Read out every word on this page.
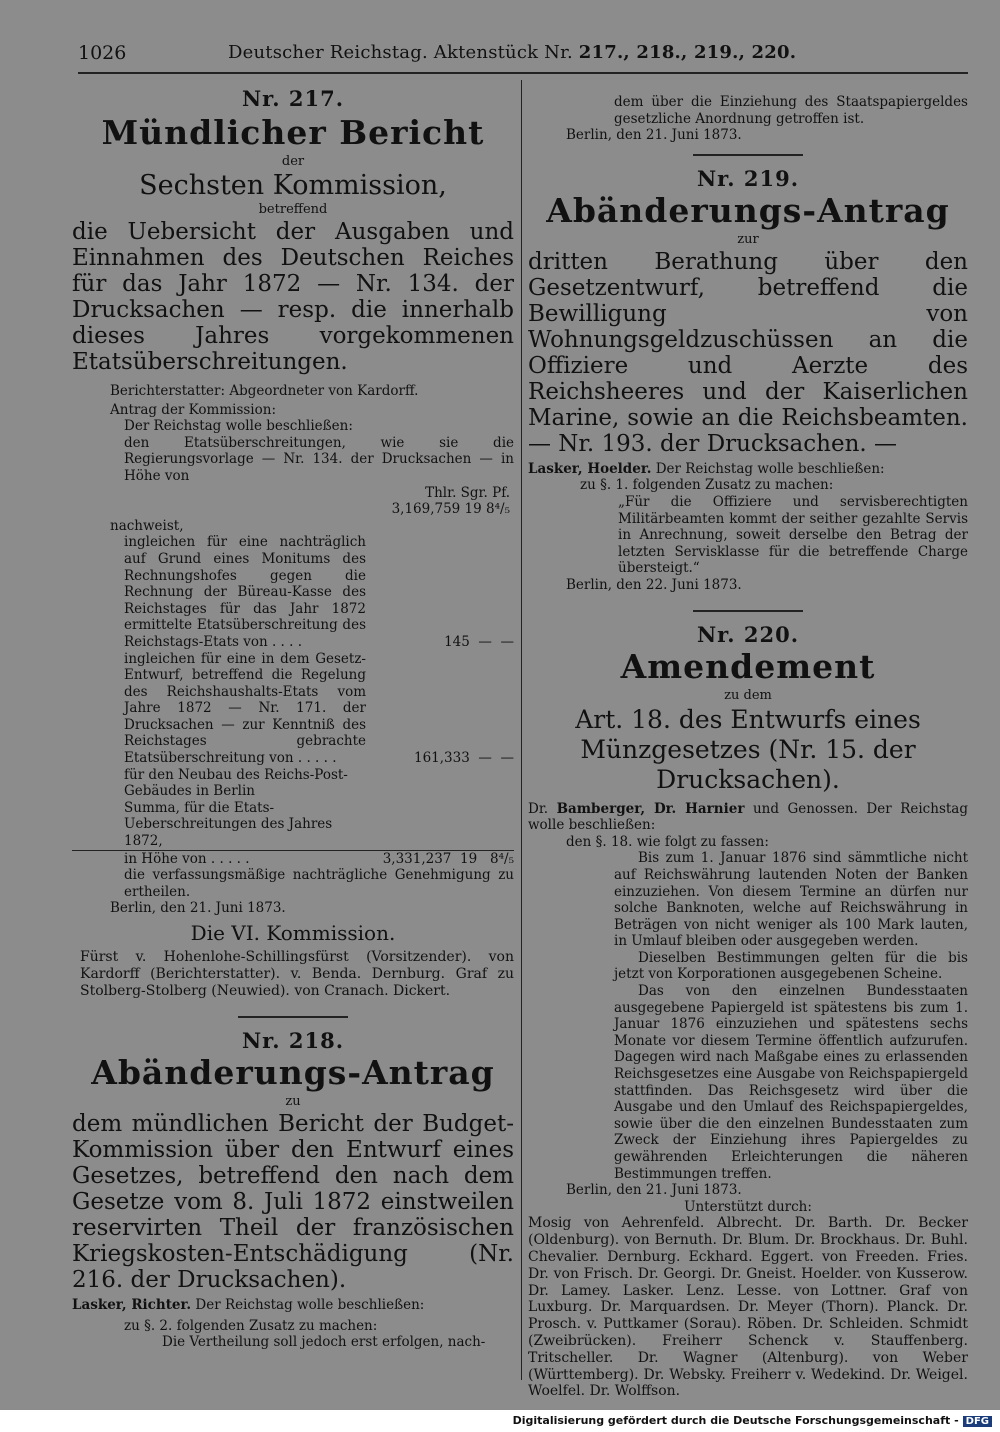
1026	Deutscher Reichstag. Aktenstück Nr. 217., 218., 219., 220.
Nr. 217.
Mündlicher Bericht
der
Sechsten Kommission,
betreffend
die Uebersicht der Ausgaben und Einnahmen des Deutschen Reiches für das Jahr 1872 — Nr. 134. der Drucksachen — resp. die innerhalb dieses Jahres vorgekommenen Etatsüberschreitungen.
Berichterstatter: Abgeordneter von Kardorff.
Antrag der Kommission:
Der Reichstag wolle beschließen:
den Etatsüberschreitungen, wie sie die Regierungsvorlage — Nr. 134. der Drucksachen — in Höhe von
Thlr. Sgr. Pf.
3,169,759 19 8⁴/₅
nachweist,
ingleichen für eine nachträglich auf Grund eines Monitums des Rechnungshofes gegen die Rechnung der Büreau-Kasse des Reichstages für das Jahr 1872 ermittelte Etatsüberschreitung des Reichstags-Etats von . . . .	145  —  —
ingleichen für eine in dem Gesetz-Entwurf, betreffend die Regelung des Reichshaushalts-Etats vom Jahre 1872 — Nr. 171. der Drucksachen — zur Kenntniß des Reichstages gebrachte Etatsüberschreitung von . . . . .	161,333  —  —
für den Neubau des Reichs-Post-Gebäudes in Berlin
Summa, für die Etats-Ueberschreitungen des Jahres 1872,
in Höhe von . . . . .	3,331,237  19   8⁴/₅
die verfassungsmäßige nachträgliche Genehmigung zu ertheilen.
Berlin, den 21. Juni 1873.
Die VI. Kommission.
Fürst v. Hohenlohe-Schillingsfürst (Vorsitzender). von Kardorff (Berichterstatter). v. Benda. Dernburg. Graf zu Stolberg-Stolberg (Neuwied). von Cranach. Dickert.
Nr. 218.
Abänderungs-Antrag
zu
dem mündlichen Bericht der Budget-Kommission über den Entwurf eines Gesetzes, betreffend den nach dem Gesetze vom 8. Juli 1872 einstweilen reservirten Theil der französischen Kriegskosten-Entschädigung (Nr. 216. der Drucksachen).
Lasker, Richter. Der Reichstag wolle beschließen:
zu §. 2. folgenden Zusatz zu machen:
Die Vertheilung soll jedoch erst erfolgen, nach-
dem über die Einziehung des Staatspapiergeldes gesetzliche Anordnung getroffen ist.
Berlin, den 21. Juni 1873.
Nr. 219.
Abänderungs-Antrag
zur
dritten Berathung über den Gesetzentwurf, betreffend die Bewilligung von Wohnungsgeldzuschüssen an die Offiziere und Aerzte des Reichsheeres und der Kaiserlichen Marine, sowie an die Reichsbeamten. — Nr. 193. der Drucksachen. —
Lasker, Hoelder. Der Reichstag wolle beschließen:
zu §. 1. folgenden Zusatz zu machen:
„Für die Offiziere und servisberechtigten Militärbeamten kommt der seither gezahlte Servis in Anrechnung, soweit derselbe den Betrag der letzten Servisklasse für die betreffende Charge übersteigt.“
Berlin, den 22. Juni 1873.
Nr. 220.
Amendement
zu dem
Art. 18. des Entwurfs eines Münzgesetzes (Nr. 15. der Drucksachen).
Dr. Bamberger, Dr. Harnier und Genossen. Der Reichstag wolle beschließen:
den §. 18. wie folgt zu fassen:
Bis zum 1. Januar 1876 sind sämmtliche nicht auf Reichswährung lautenden Noten der Banken einzuziehen. Von diesem Termine an dürfen nur solche Banknoten, welche auf Reichswährung in Beträgen von nicht weniger als 100 Mark lauten, in Umlauf bleiben oder ausgegeben werden.
Dieselben Bestimmungen gelten für die bis jetzt von Korporationen ausgegebenen Scheine.
Das von den einzelnen Bundesstaaten ausgegebene Papiergeld ist spätestens bis zum 1. Januar 1876 einzuziehen und spätestens sechs Monate vor diesem Termine öffentlich aufzurufen. Dagegen wird nach Maßgabe eines zu erlassenden Reichsgesetzes eine Ausgabe von Reichspapiergeld stattfinden. Das Reichsgesetz wird über die Ausgabe und den Umlauf des Reichspapiergeldes, sowie über die den einzelnen Bundesstaaten zum Zweck der Einziehung ihres Papiergeldes zu gewährenden Erleichterungen die näheren Bestimmungen treffen.
Berlin, den 21. Juni 1873.
Unterstützt durch:
Mosig von Aehrenfeld. Albrecht. Dr. Barth. Dr. Becker (Oldenburg). von Bernuth. Dr. Blum. Dr. Brockhaus. Dr. Buhl. Chevalier. Dernburg. Eckhard. Eggert. von Freeden. Fries. Dr. von Frisch. Dr. Georgi. Dr. Gneist. Hoelder. von Kusserow. Dr. Lamey. Lasker. Lenz. Lesse. von Lottner. Graf von Luxburg. Dr. Marquardsen. Dr. Meyer (Thorn). Planck. Dr. Prosch. v. Puttkamer (Sorau). Röben. Dr. Schleiden. Schmidt (Zweibrücken). Freiherr Schenck v. Stauffenberg. Tritscheller. Dr. Wagner (Altenburg). von Weber (Württemberg). Dr. Websky. Freiherr v. Wedekind. Dr. Weigel. Woelfel. Dr. Wolffson.
Digitalisierung gefördert durch die Deutsche Forschungsgemeinschaft - DFG
